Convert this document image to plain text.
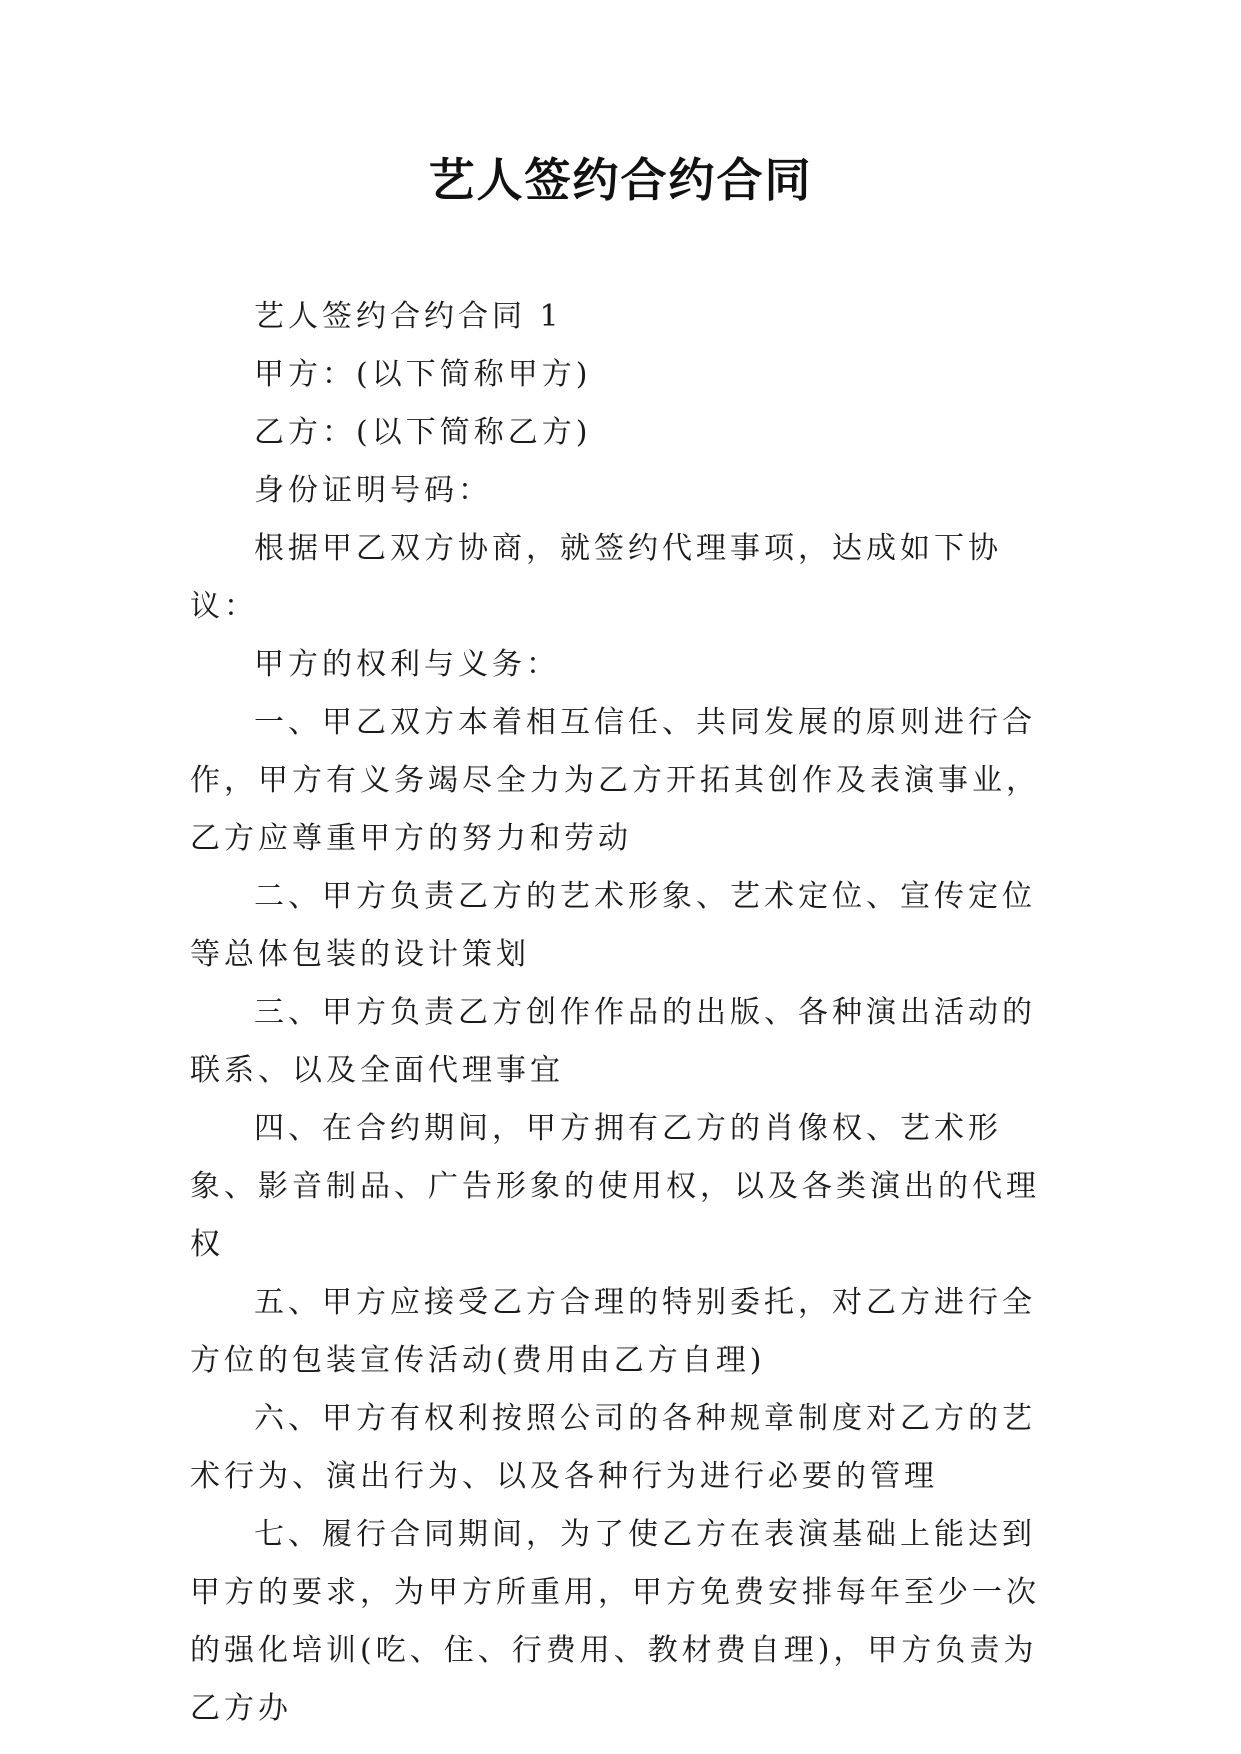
艺人签约合约合同

艺人签约合约合同 1

甲方：(以下简称甲方)

乙方：(以下简称乙方)

身份证明号码：

根据甲乙双方协商，就签约代理事项，达成如下协议：

甲方的权利与义务：

一、甲乙双方本着相互信任、共同发展的原则进行合作，甲方有义务竭尽全力为乙方开拓其创作及表演事业，乙方应尊重甲方的努力和劳动

二、甲方负责乙方的艺术形象、艺术定位、宣传定位等总体包装的设计策划

三、甲方负责乙方创作作品的出版、各种演出活动的联系、以及全面代理事宜

四、在合约期间，甲方拥有乙方的肖像权、艺术形象、影音制品、广告形象的使用权，以及各类演出的代理权

五、甲方应接受乙方合理的特别委托，对乙方进行全方位的包装宣传活动(费用由乙方自理)

六、甲方有权利按照公司的各种规章制度对乙方的艺术行为、演出行为、以及各种行为进行必要的管理

七、履行合同期间，为了使乙方在表演基础上能达到甲方的要求，为甲方所重用，甲方免费安排每年至少一次的强化培训(吃、住、行费用、教材费自理)，甲方负责为乙方办
